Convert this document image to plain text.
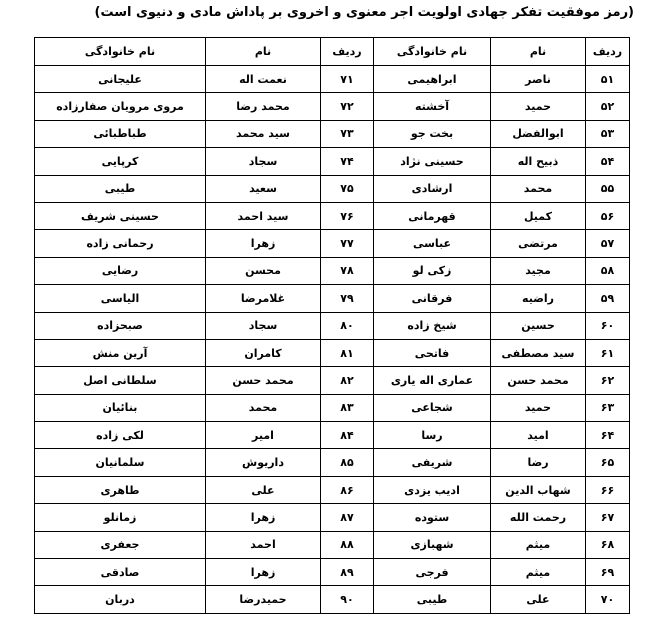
(رمز موفقیت تفکر جهادی اولویت اجر معنوی و اخروی بر پاداش مادی و دنیوی است)
ردیف	نام	نام خانوادگی	ردیف	نام	نام خانوادگی
۵۱	ناصر	ابراهیمی	۷۱	نعمت اله	علیجانی
۵۲	حمید	آخشته	۷۲	محمد رضا	مروی مرویان صفارزاده
۵۳	ابوالفضل	بخت جو	۷۳	سید محمد	طباطبائی
۵۴	ذبیح اله	حسینی نژاد	۷۴	سجاد	کرپایی
۵۵	محمد	ارشادی	۷۵	سعید	طیبی
۵۶	کمیل	قهرمانی	۷۶	سید احمد	حسینی شریف
۵۷	مرتضی	عباسی	۷۷	زهرا	رحمانی زاده
۵۸	مجید	زکی لو	۷۸	محسن	رضایی
۵۹	راضیه	فرقانی	۷۹	غلامرضا	الیاسی
۶۰	حسین	شیخ زاده	۸۰	سجاد	صبحزاده
۶۱	سید مصطفی	فاتحی	۸۱	کامران	آرین منش
۶۲	محمد حسن	عماری اله یاری	۸۲	محمد حسن	سلطانی اصل
۶۳	حمید	شجاعی	۸۳	محمد	بنائیان
۶۴	امید	رسا	۸۴	امیر	لکی زاده
۶۵	رضا	شریفی	۸۵	داریوش	سلمانیان
۶۶	شهاب الدین	ادیب یزدی	۸۶	علی	طاهری
۶۷	رحمت الله	ستوده	۸۷	زهرا	زمانلو
۶۸	میثم	شهبازی	۸۸	احمد	جعفری
۶۹	میثم	فرجی	۸۹	زهرا	صادقی
۷۰	علی	طیبی	۹۰	حمیدرضا	دربان
